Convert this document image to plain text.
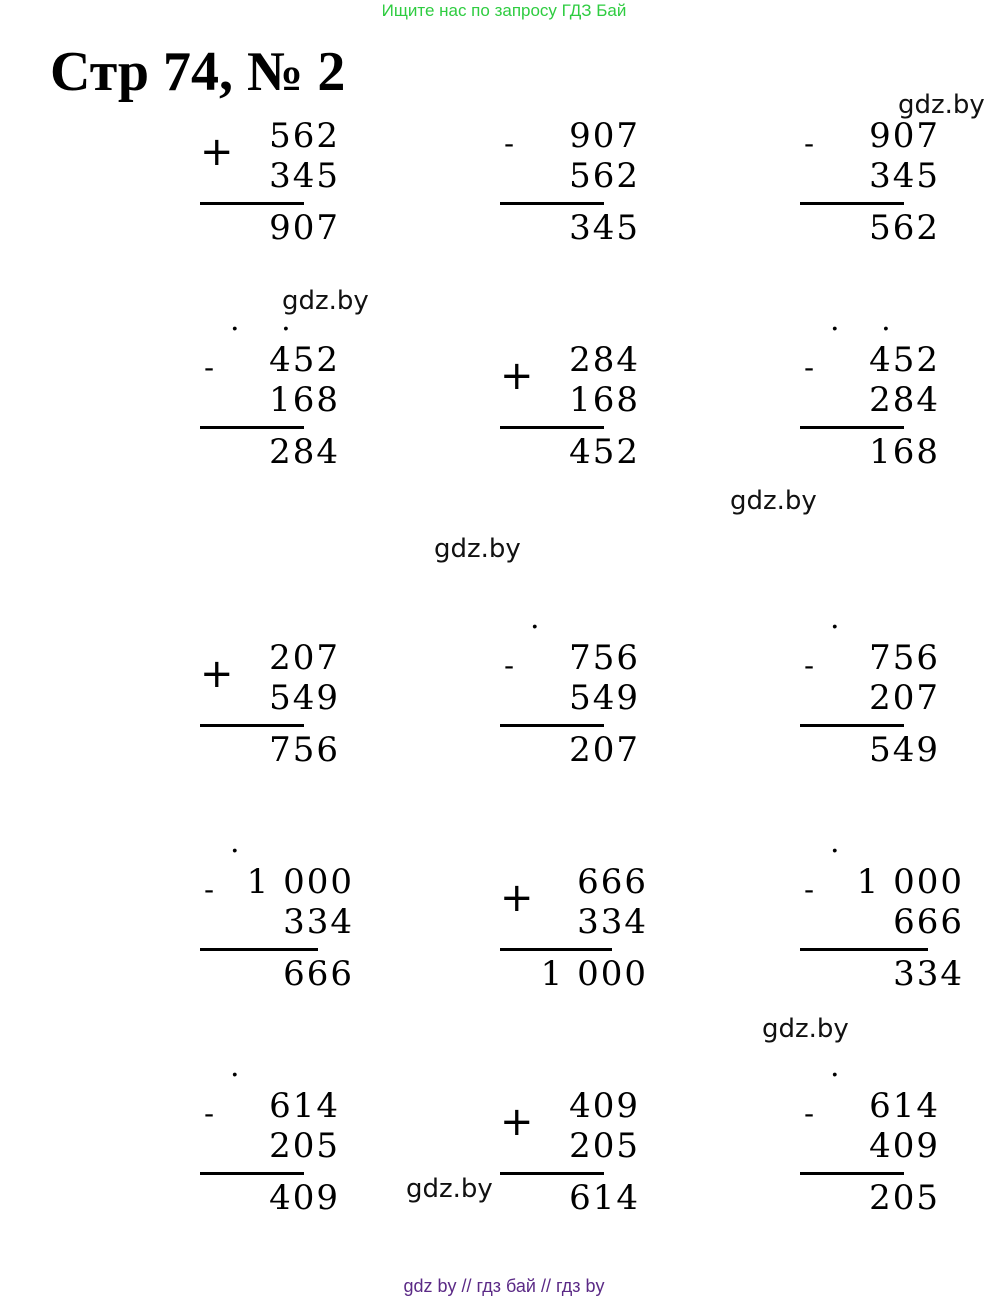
Ищите нас по запросу ГДЗ Бай
Стр 74, № 2
gdz.by
gdz.by
gdz.by
gdz.by
gdz.by
gdz.by
+	562
345
907
-	907
562
345
-	907
345
562
. .
-	452
168
284
+	284
168
452
. .
-	452
284
168
+	207
549
756
.
-	756
549
207
.
-	756
207
549
.
- 1 000
334
666
+	666
334
1 000
.
-	1 000
666
334
.
-	614
205
409
+	409
205
614
.
-	614
409
205
gdz by // гдз бай // гдз by
